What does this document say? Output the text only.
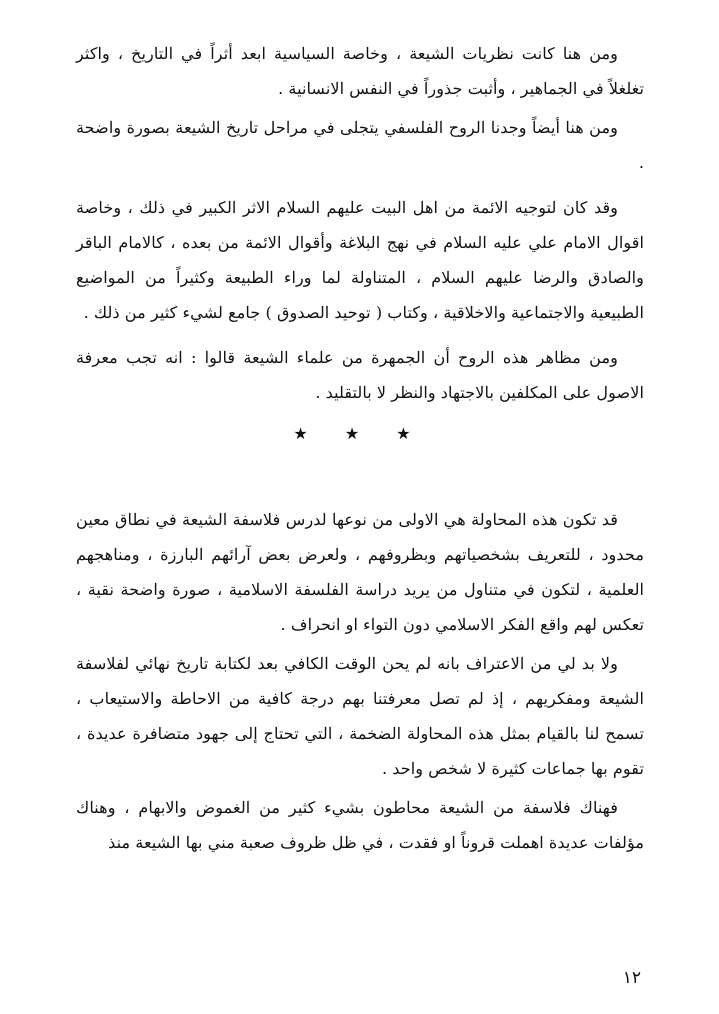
ومن هنا كانت نظريات الشيعة ، وخاصة السياسية ابعد أثراً في التاريخ ، واكثر تغلغلاً في الجماهير ، وأثبت جذوراً في النفس الانسانية .

ومن هنا أيضاً وجدنا الروح الفلسفي يتجلى في مراحل تاريخ الشيعة بصورة واضحة .

وقد كان لتوجيه الائمة من اهل البيت عليهم السلام الاثر الكبير في ذلك ، وخاصة اقوال الامام علي عليه السلام في نهج البلاغة وأقوال الائمة من بعده ، كالامام الباقر والصادق والرضا عليهم السلام ، المتناولة لما وراء الطبيعة وكثيراً من المواضيع الطبيعية والاجتماعية والاخلاقية ، وكتاب ( توحيد الصدوق ) جامع لشيء كثير من ذلك .

ومن مظاهر هذه الروح أن الجمهرة من علماء الشيعة قالوا : انه تجب معرفة الاصول على المكلفين بالاجتهاد والنظر لا بالتقليد .

★ ★ ★

قد تكون هذه المحاولة هي الاولى من نوعها لدرس فلاسفة الشيعة في نطاق معين محدود ، للتعريف بشخصياتهم وبظروفهم ، ولعرض بعض آرائهم البارزة ، ومناهجهم العلمية ، لتكون في متناول من يريد دراسة الفلسفة الاسلامية ، صورة واضحة نقية ، تعكس لهم واقع الفكر الاسلامي دون التواء او انحراف .

ولا بد لي من الاعتراف بانه لم يحن الوقت الكافي بعد لكتابة تاريخ نهائي لفلاسفة الشيعة ومفكريهم ، إذ لم تصل معرفتنا بهم درجة كافية من الاحاطة والاستيعاب ، تسمح لنا بالقيام بمثل هذه المحاولة الضخمة ، التي تحتاج إلى جهود متضافرة عديدة ، تقوم بها جماعات كثيرة لا شخص واحد .

فهناك فلاسفة من الشيعة محاطون بشيء كثير من الغموض والابهام ، وهناك مؤلفات عديدة اهملت قروناً او فقدت ، في ظل ظروف صعبة مني بها الشيعة منذ

١٢
